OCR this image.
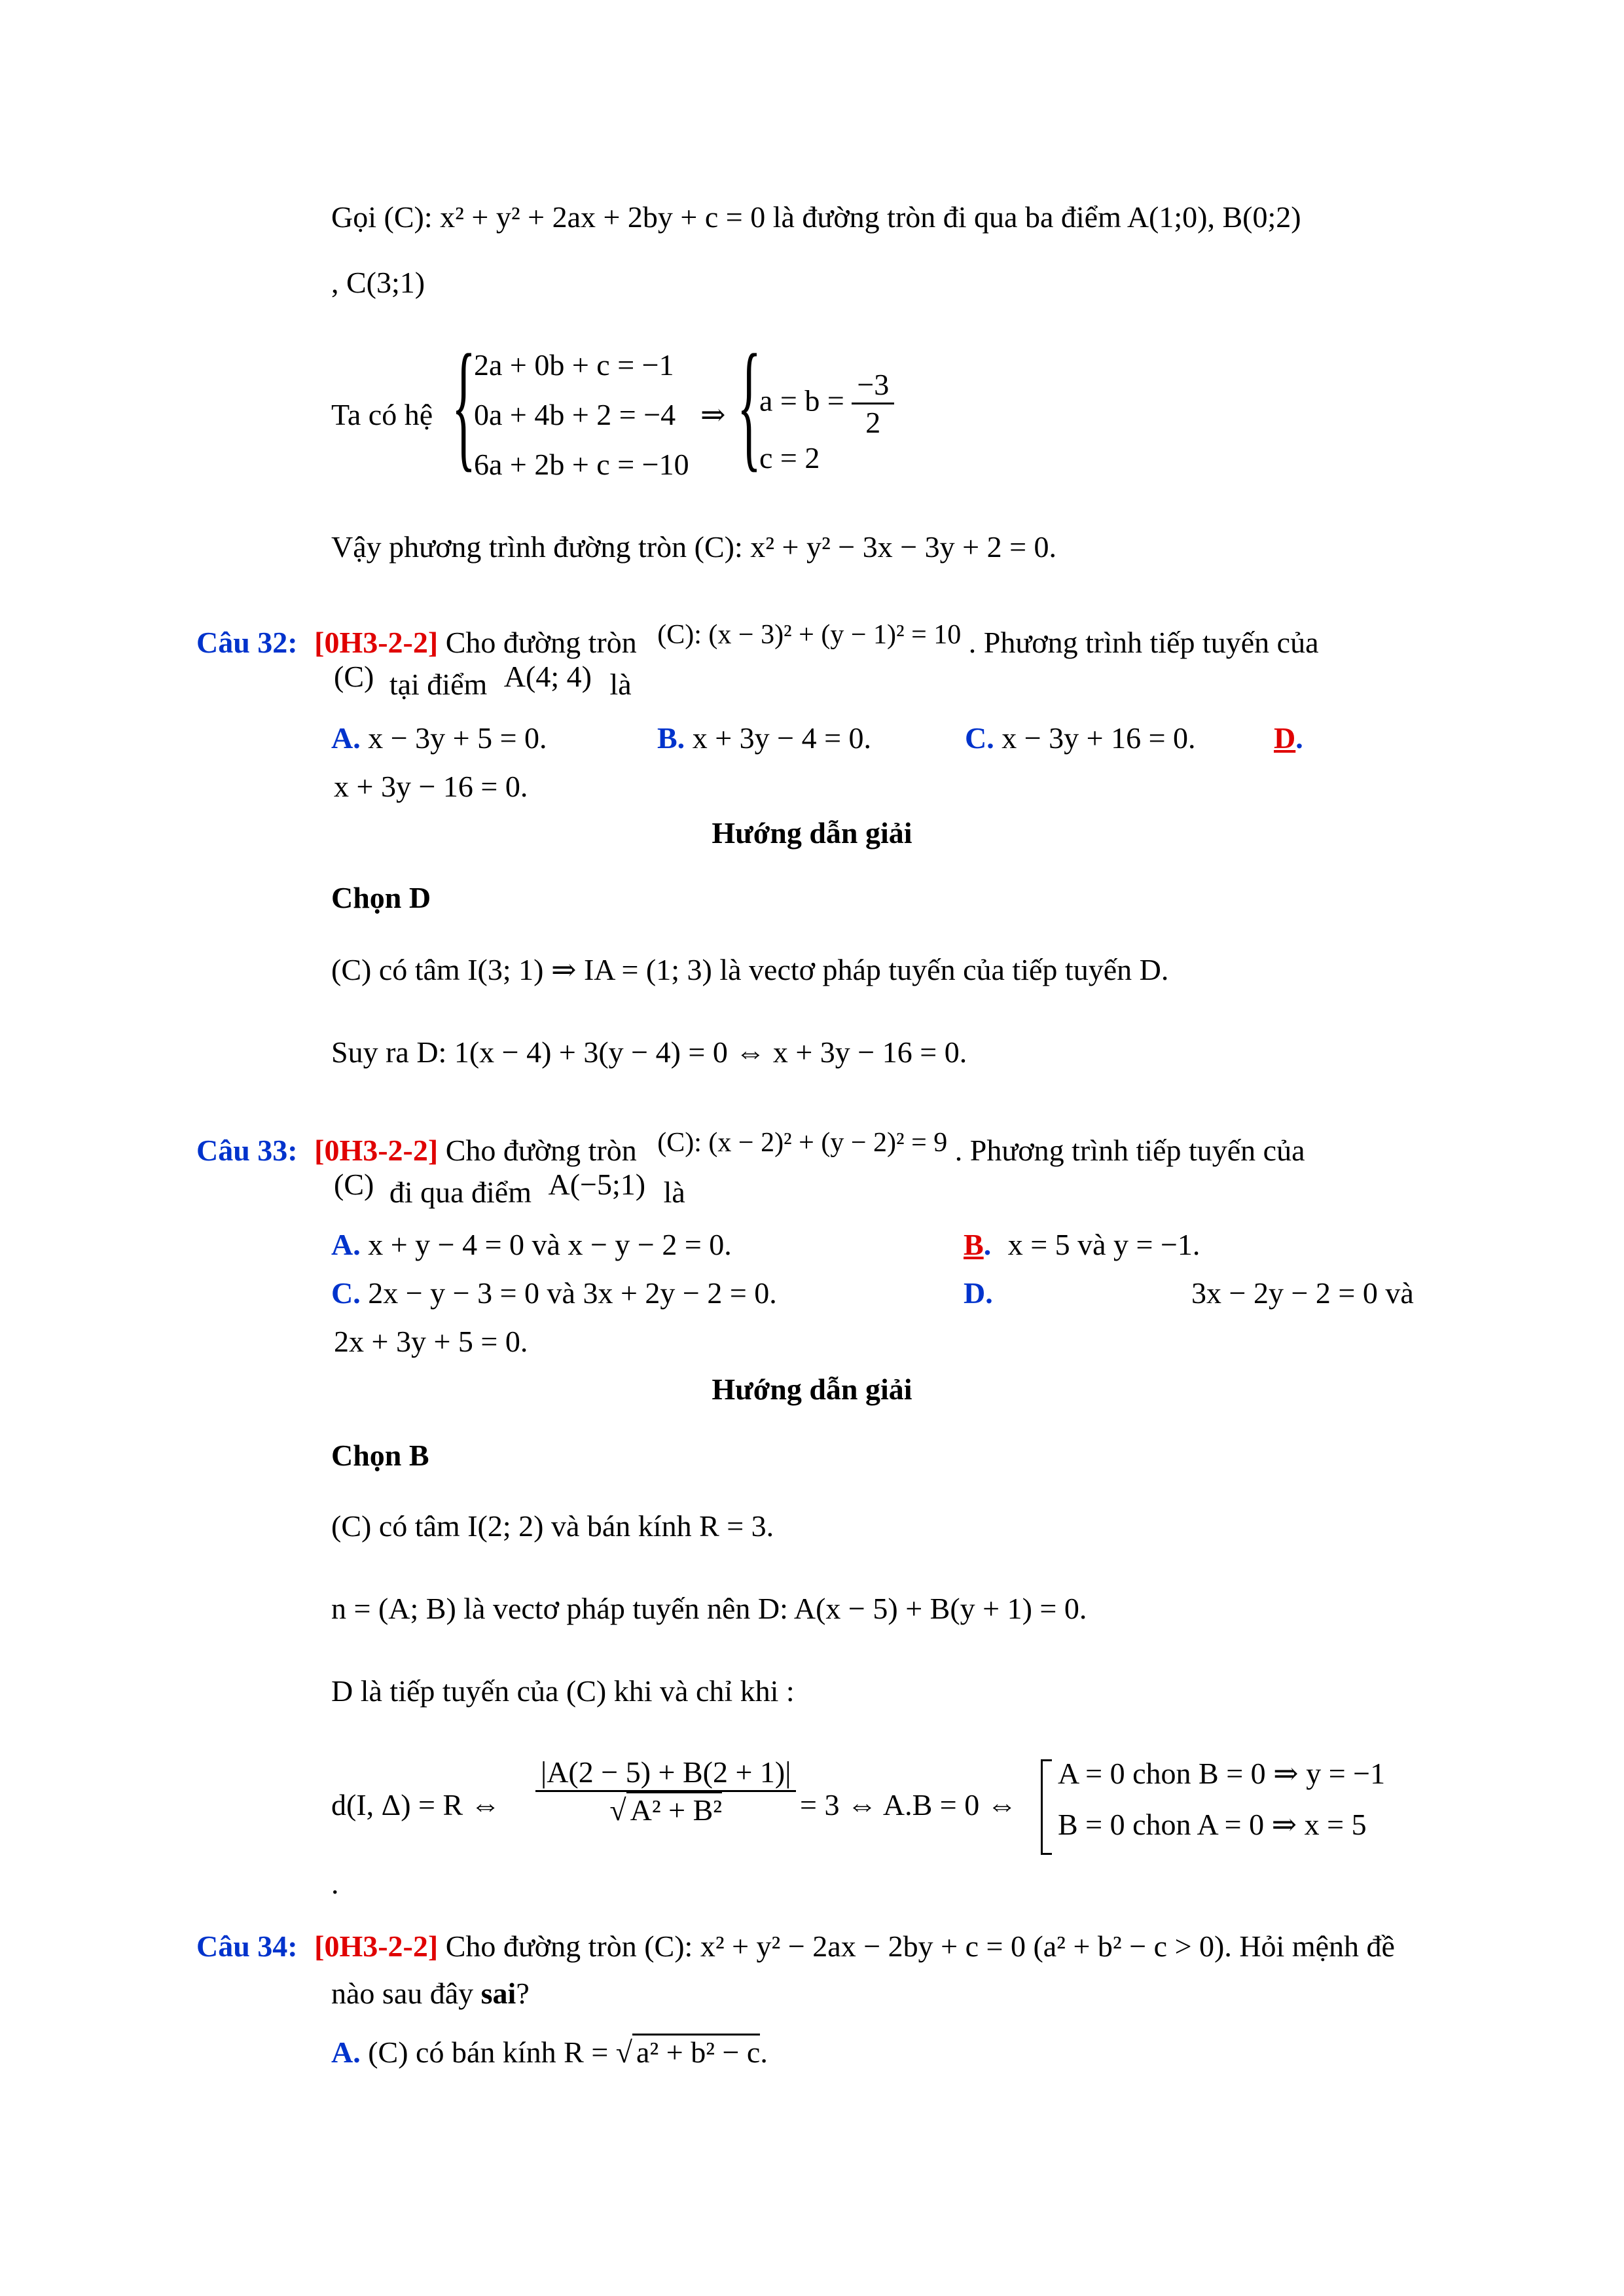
Gọi (C): x² + y² + 2ax + 2by + c = 0 là đường tròn đi qua ba điểm A(1;0), B(0;2)
, C(3;1)
Ta có hệ {
2a + 0b + c = −1
0a + 4b + 2 = −4
6a + 2b + c = −10
⇒ {
$a = b = \frac{-3}{2}$
c = 2
Vậy phương trình đường tròn (C): x² + y² − 3x − 3y + 2 = 0.
Câu 32: [0H3-2-2] Cho đường tròn (C): (x − 3)² + (y − 1)² = 10 . Phương trình tiếp tuyến của
(C) tại điểm A(4; 4) là
A. x − 3y + 5 = 0.	B. x + 3y − 4 = 0.	C. x − 3y + 16 = 0.	D.
x + 3y − 16 = 0.
Hướng dẫn giải
Chọn D
(C) có tâm I(3; 1) ⇒ IA = (1; 3) là vectơ pháp tuyến của tiếp tuyến D.
Suy ra D: 1(x − 4) + 3(y − 4) = 0 ⇔ x + 3y − 16 = 0.
Câu 33: [0H3-2-2] Cho đường tròn (C): (x − 2)² + (y − 2)² = 9 . Phương trình tiếp tuyến của
(C) đi qua điểm A(−5;1) là
A. x + y − 4 = 0 và x − y − 2 = 0.	B. x = 5 và y = −1.
C. 2x − y − 3 = 0 và 3x + 2y − 2 = 0.	D.	3x − 2y − 2 = 0 và
2x + 3y + 5 = 0.
Hướng dẫn giải
Chọn B
(C) có tâm I(2; 2) và bán kính R = 3.
n = (A; B) là vectơ pháp tuyến nên D: A(x − 5) + B(y + 1) = 0.
D là tiếp tuyến của (C) khi và chỉ khi :
d(I, Δ) = R ⇔ $\frac{|A(2 - 5) + B(2 + 1)|}{\text{√ A² + B²}} = 3$ ⇔ A.B = 0 ⇔
A = 0 chon B = 0 ⇒ y = −1
B = 0 chon A = 0 ⇒ x = 5
.
Câu 34: [0H3-2-2] Cho đường tròn (C): x² + y² − 2ax − 2by + c = 0 (a² + b² − c > 0). Hỏi mệnh đề
nào sau đây sai?
A. (C) có bán kính R = √ a² + b² − c.
